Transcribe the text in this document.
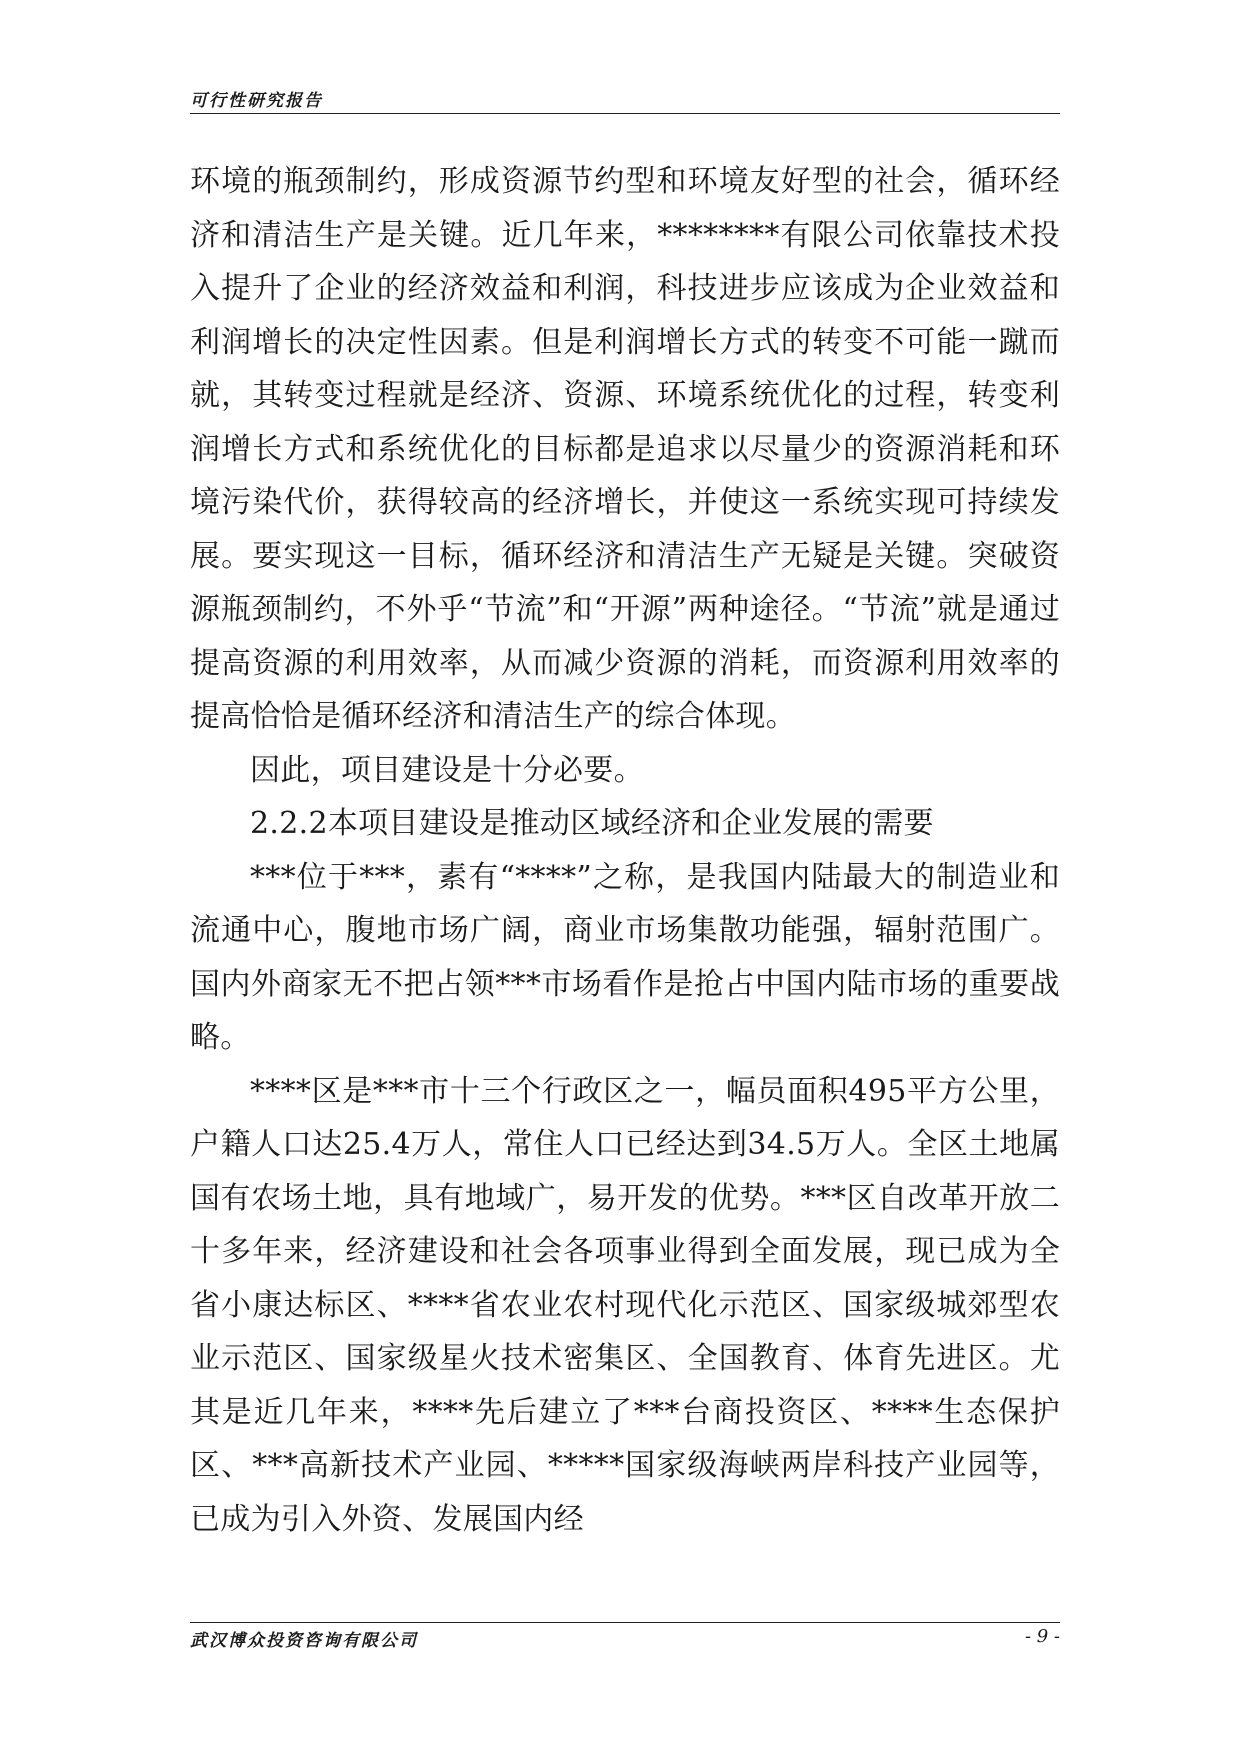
可行性研究报告

环境的瓶颈制约，形成资源节约型和环境友好型的社会，循环经济和清洁生产是关键。近几年来，********有限公司依靠技术投入提升了企业的经济效益和利润，科技进步应该成为企业效益和利润增长的决定性因素。但是利润增长方式的转变不可能一蹴而就，其转变过程就是经济、资源、环境系统优化的过程，转变利润增长方式和系统优化的目标都是追求以尽量少的资源消耗和环境污染代价，获得较高的经济增长，并使这一系统实现可持续发展。要实现这一目标，循环经济和清洁生产无疑是关键。突破资源瓶颈制约，不外乎“节流”和“开源”两种途径。“节流”就是通过提高资源的利用效率，从而减少资源的消耗，而资源利用效率的提高恰恰是循环经济和清洁生产的综合体现。

因此，项目建设是十分必要。

2.2.2本项目建设是推动区域经济和企业发展的需要

***位于***，素有“****”之称，是我国内陆最大的制造业和流通中心，腹地市场广阔，商业市场集散功能强，辐射范围广。国内外商家无不把占领***市场看作是抢占中国内陆市场的重要战略。

****区是***市十三个行政区之一，幅员面积495平方公里，户籍人口达25.4万人，常住人口已经达到34.5万人。全区土地属国有农场土地，具有地域广，易开发的优势。***区自改革开放二十多年来，经济建设和社会各项事业得到全面发展，现已成为全省小康达标区、****省农业农村现代化示范区、国家级城郊型农业示范区、国家级星火技术密集区、全国教育、体育先进区。尤其是近几年来，****先后建立了***台商投资区、****生态保护区、***高新技术产业园、*****国家级海峡两岸科技产业园等，已成为引入外资、发展国内经

武汉博众投资咨询有限公司	- 9 -
